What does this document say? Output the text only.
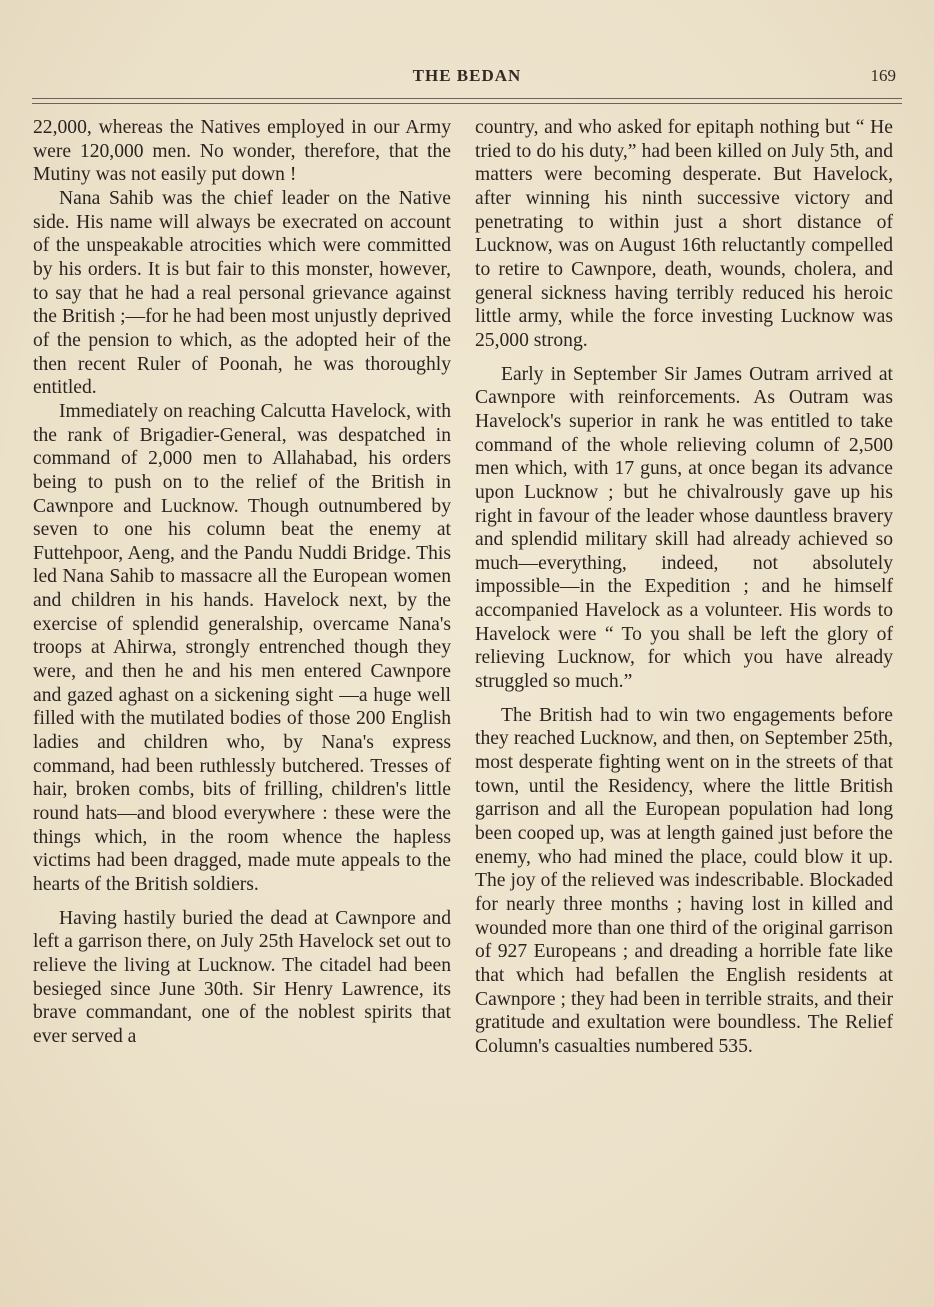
THE BEDAN	169

22,000, whereas the Natives employed in our Army were 120,000 men. No wonder, therefore, that the Mutiny was not easily put down !

Nana Sahib was the chief leader on the Native side. His name will always be execrated on account of the unspeakable atrocities which were committed by his orders. It is but fair to this monster, however, to say that he had a real personal grievance against the British ;—for he had been most unjustly deprived of the pension to which, as the adopted heir of the then recent Ruler of Poonah, he was thoroughly entitled.

Immediately on reaching Calcutta Havelock, with the rank of Brigadier-General, was despatched in command of 2,000 men to Allahabad, his orders being to push on to the relief of the British in Cawnpore and Lucknow. Though outnumbered by seven to one his column beat the enemy at Futtehpoor, Aeng, and the Pandu Nuddi Bridge. This led Nana Sahib to massacre all the European women and children in his hands. Havelock next, by the exercise of splendid generalship, overcame Nana's troops at Ahirwa, strongly entrenched though they were, and then he and his men entered Cawnpore and gazed aghast on a sickening sight —a huge well filled with the mutilated bodies of those 200 English ladies and children who, by Nana's express command, had been ruthlessly butchered. Tresses of hair, broken combs, bits of frilling, children's little round hats—and blood everywhere : these were the things which, in the room whence the hapless victims had been dragged, made mute appeals to the hearts of the British soldiers.

Having hastily buried the dead at Cawnpore and left a garrison there, on July 25th Havelock set out to relieve the living at Lucknow. The citadel had been besieged since June 30th. Sir Henry Lawrence, its brave commandant, one of the noblest spirits that ever served a

country, and who asked for epitaph nothing but “ He tried to do his duty,” had been killed on July 5th, and matters were becoming desperate. But Havelock, after winning his ninth successive victory and penetrating to within just a short distance of Lucknow, was on August 16th reluctantly compelled to retire to Cawnpore, death, wounds, cholera, and general sickness having terribly reduced his heroic little army, while the force investing Lucknow was 25,000 strong.

Early in September Sir James Outram arrived at Cawnpore with reinforcements. As Outram was Havelock's superior in rank he was entitled to take command of the whole relieving column of 2,500 men which, with 17 guns, at once began its advance upon Lucknow ; but he chivalrously gave up his right in favour of the leader whose dauntless bravery and splendid military skill had already achieved so much—everything, indeed, not absolutely impossible—in the Expedition ; and he himself accompanied Havelock as a volunteer. His words to Havelock were “ To you shall be left the glory of relieving Lucknow, for which you have already struggled so much.”

The British had to win two engagements before they reached Lucknow, and then, on September 25th, most desperate fighting went on in the streets of that town, until the Residency, where the little British garrison and all the European population had long been cooped up, was at length gained just before the enemy, who had mined the place, could blow it up. The joy of the relieved was indescribable. Blockaded for nearly three months ; having lost in killed and wounded more than one third of the original garrison of 927 Europeans ; and dreading a horrible fate like that which had befallen the English residents at Cawnpore ; they had been in terrible straits, and their gratitude and exultation were boundless. The Relief Column's casualties numbered 535.
